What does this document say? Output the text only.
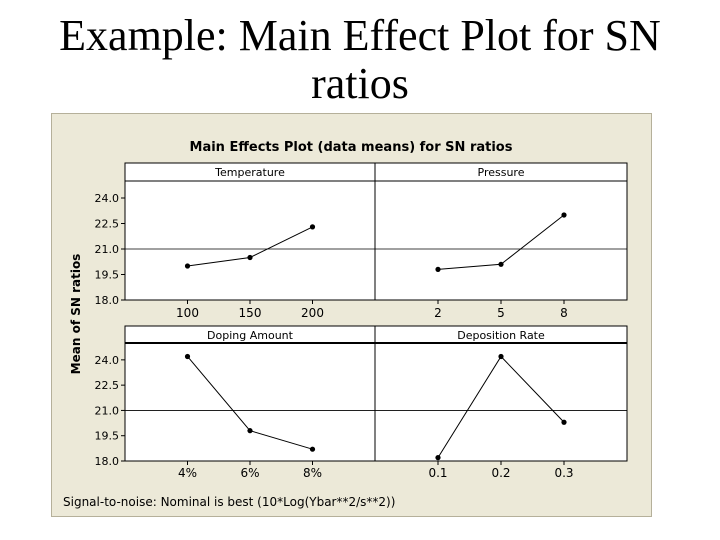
Example: Main Effect Plot for SN
ratios
Main Effects Plot (data means) for SN ratios
Mean of SN ratios
Signal-to-noise: Nominal is best (10*Log(Ybar**2/s**2))
18.0
19.5
21.0
22.5
24.0
Temperature
100	150	200
Pressure
2	5	8
18.0
19.5
21.0
22.5
24.0
Doping Amount
4%	6%	8%
Deposition Rate
0.1	0.2	0.3
